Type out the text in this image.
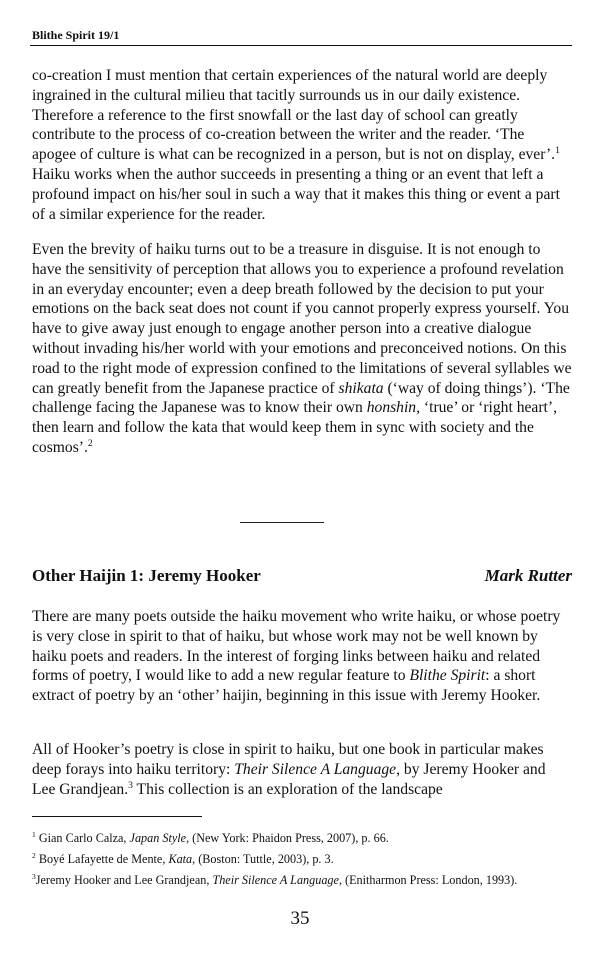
Blithe Spirit 19/1

co-creation I must mention that certain experiences of the natural world are deeply ingrained in the cultural milieu that tacitly surrounds us in our daily existence. Therefore a reference to the first snowfall or the last day of school can greatly contribute to the process of co-creation between the writer and the reader. ‘The apogee of culture is what can be recognized in a person, but is not on display, ever’.$^1$ Haiku works when the author succeeds in presenting a thing or an event that left a profound impact on his/her soul in such a way that it makes this thing or event a part of a similar experience for the reader.

Even the brevity of haiku turns out to be a treasure in disguise. It is not enough to have the sensitivity of perception that allows you to experience a profound revelation in an everyday encounter; even a deep breath followed by the decision to put your emotions on the back seat does not count if you cannot properly express yourself. You have to give away just enough to engage another person into a creative dialogue without invading his/her world with your emotions and preconceived notions. On this road to the right mode of expression confined to the limitations of several syllables we can greatly benefit from the Japanese practice of shikata (‘way of doing things’). ‘The challenge facing the Japanese was to know their own honshin, ‘true’ or ‘right heart’, then learn and follow the kata that would keep them in sync with society and the cosmos’.$^2$

Other Haijin 1: Jeremy Hooker	Mark Rutter

There are many poets outside the haiku movement who write haiku, or whose poetry is very close in spirit to that of haiku, but whose work may not be well known by haiku poets and readers. In the interest of forging links between haiku and related forms of poetry, I would like to add a new regular feature to Blithe Spirit: a short extract of poetry by an ‘other’ haijin, beginning in this issue with Jeremy Hooker.

All of Hooker’s poetry is close in spirit to haiku, but one book in particular makes deep forays into haiku territory: Their Silence A Language, by Jeremy Hooker and Lee Grandjean.$^3$ This collection is an exploration of the landscape

$^1$ Gian Carlo Calza, Japan Style, (New York: Phaidon Press, 2007), p. 66.
$^2$ Boyé Lafayette de Mente, Kata, (Boston: Tuttle, 2003), p. 3.
$^3$Jeremy Hooker and Lee Grandjean, Their Silence A Language, (Enitharmon Press: London, 1993).
35
